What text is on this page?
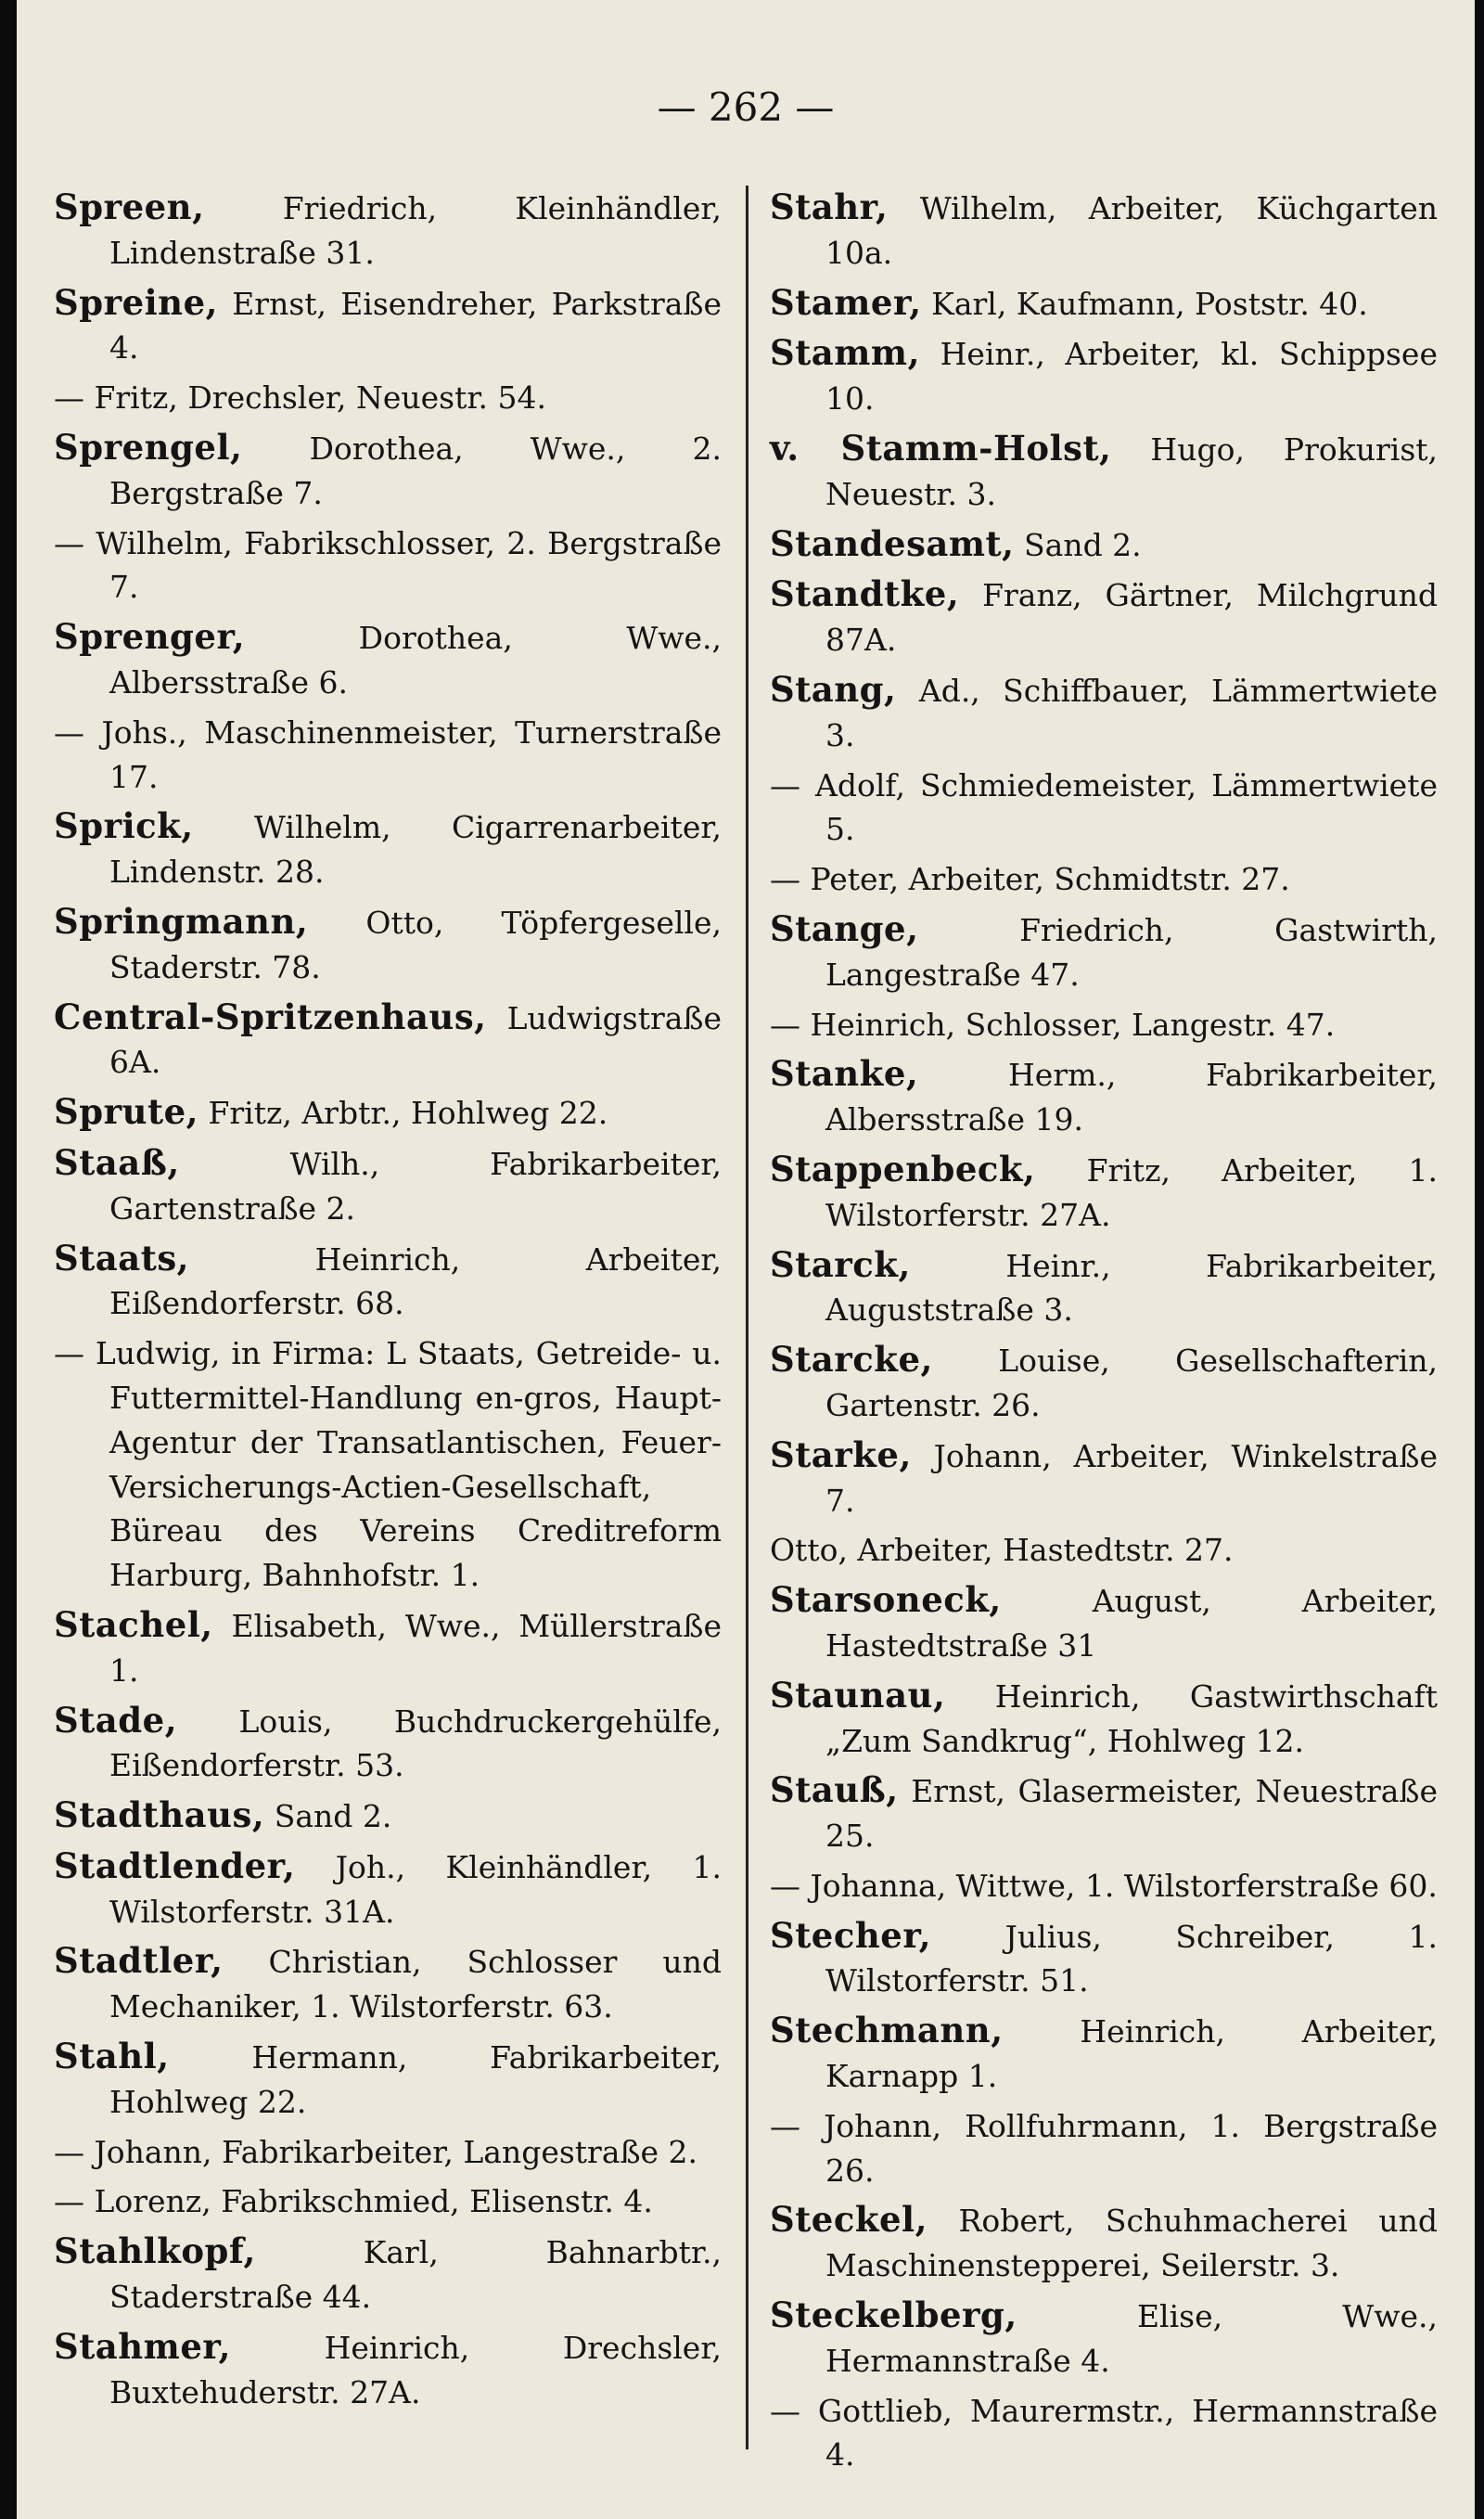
— 262 —
Spreen,	Friedrich, Kleinhändler, Lindenstraße 31.
Spreine, Ernst, Eisendreher, Parkstraße 4.
— Fritz, Drechsler, Neuestr. 54.
Sprengel, Dorothea, Wwe., 2. Bergstraße 7.
— Wilhelm, Fabrikschlosser, 2. Bergstraße 7.
Sprenger,	Dorothea, Wwe., Albersstraße 6.
— Johs., Maschinenmeister, Turnerstraße 17.
Sprick, Wilhelm, Cigarrenarbeiter, Lindenstr. 28.
Springmann, Otto, Töpfergeselle, Staderstr. 78.
Central-Spritzenhaus, Ludwigstraße 6A.
Sprute, Fritz, Arbtr., Hohlweg 22.
Staaß,	Wilh., Fabrikarbeiter, Gartenstraße 2.
Staats,	Heinrich, Arbeiter, Eißendorferstr. 68.
— Ludwig, in Firma: L Staats, Getreide- u. Futtermittel-Handlung en-gros, Haupt-Agentur der Transatlantischen, Feuer-Versicherungs-Actien-Gesellschaft, Büreau des Vereins Creditreform Harburg, Bahnhofstr. 1.
Stachel, Elisabeth, Wwe., Müllerstraße 1.
Stade, Louis, Buchdruckergehülfe, Eißendorferstr. 53.
Stadthaus, Sand 2.
Stadtlender, Joh., Kleinhändler, 1. Wilstorferstr. 31A.
Stadtler, Christian, Schlosser und Mechaniker, 1. Wilstorferstr. 63.
Stahl,	Hermann, Fabrikarbeiter, Hohlweg 22.
— Johann, Fabrikarbeiter, Langestraße 2.
— Lorenz, Fabrikschmied, Elisenstr. 4.
Stahlkopf,	Karl, Bahnarbtr., Staderstraße 44.
Stahmer,	Heinrich, Drechsler, Buxtehuderstr. 27A.
Stahr, Wilhelm, Arbeiter, Küchgarten 10a.
Stamer, Karl, Kaufmann, Poststr. 40.
Stamm, Heinr., Arbeiter, kl. Schippsee 10.
v. Stamm-Holst, Hugo, Prokurist, Neuestr. 3.
Standesamt, Sand 2.
Standtke, Franz, Gärtner, Milchgrund 87A.
Stang, Ad., Schiffbauer, Lämmertwiete 3.
— Adolf, Schmiedemeister, Lämmertwiete 5.
— Peter, Arbeiter, Schmidtstr. 27.
Stange,	Friedrich, Gastwirth, Langestraße 47.
— Heinrich, Schlosser, Langestr. 47.
Stanke,	Herm., Fabrikarbeiter, Albersstraße 19.
Stappenbeck, Fritz, Arbeiter, 1. Wilstorferstr. 27A.
Starck,	Heinr., Fabrikarbeiter, Auguststraße 3.
Starcke, Louise, Gesellschafterin, Gartenstr. 26.
Starke, Johann, Arbeiter, Winkelstraße 7.
Otto, Arbeiter, Hastedtstr. 27.
Starsoneck,	August, Arbeiter, Hastedtstraße 31
Staunau, Heinrich, Gastwirthschaft „Zum Sandkrug“, Hohlweg 12.
Stauß, Ernst, Glasermeister, Neuestraße 25.
— Johanna, Wittwe, 1. Wilstorferstraße 60.
Stecher, Julius, Schreiber, 1. Wilstorferstr. 51.
Stechmann,	Heinrich, Arbeiter, Karnapp 1.
— Johann, Rollfuhrmann, 1. Bergstraße 26.
Steckel, Robert, Schuhmacherei und Maschinenstepperei, Seilerstr. 3.
Steckelberg,	Elise, Wwe., Hermannstraße 4.
— Gottlieb, Maurermstr., Hermannstraße 4.
